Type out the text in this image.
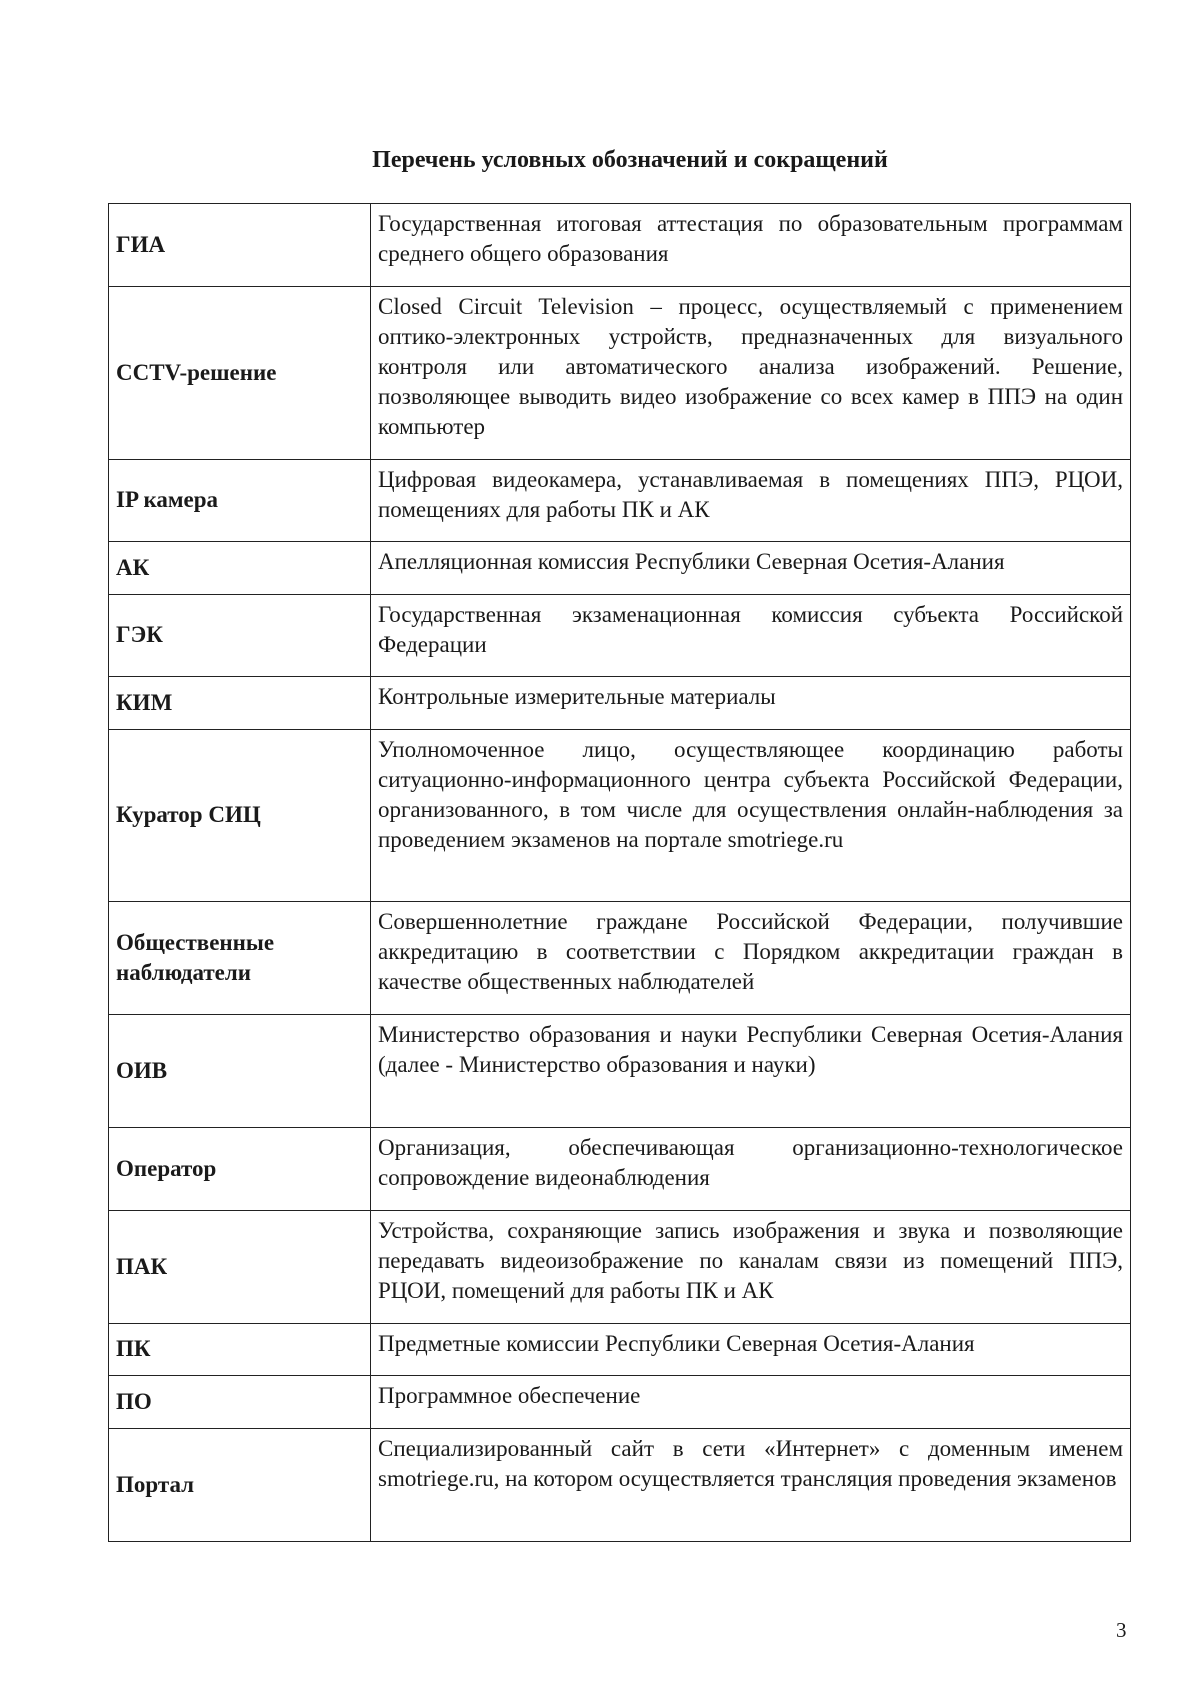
Перечень условных обозначений и сокращений
ГИА	Государственная итоговая аттестация по образовательным программам среднего общего образования
CCTV-решение	Closed Circuit Television – процесс, осуществляемый с применением оптико-электронных устройств, предназначенных для визуального контроля или автоматического анализа изображений. Решение, позволяющее выводить видео изображение со всех камер в ППЭ на один компьютер
IP камера	Цифровая видеокамера, устанавливаемая в помещениях ППЭ, РЦОИ, помещениях для работы ПК и АК
АК	Апелляционная комиссия Республики Северная Осетия-Алания
ГЭК	Государственная экзаменационная комиссия субъекта Российской Федерации
КИМ	Контрольные измерительные материалы
Куратор СИЦ	Уполномоченное лицо, осуществляющее координацию работы ситуационно-информационного центра субъекта Российской Федерации, организованного, в том числе для осуществления онлайн-наблюдения за проведением экзаменов на портале smotriege.ru
Общественные наблюдатели	Совершеннолетние граждане Российской Федерации, получившие аккредитацию в соответствии с Порядком аккредитации граждан в качестве общественных наблюдателей
ОИВ	Министерство образования и науки Республики Северная Осетия-Алания (далее - Министерство образования и науки)
Оператор	Организация, обеспечивающая организационно-технологическое сопровождение видеонаблюдения
ПАК	Устройства, сохраняющие запись изображения и звука и позволяющие передавать видеоизображение по каналам связи из помещений ППЭ, РЦОИ, помещений для работы ПК и АК
ПК	Предметные комиссии Республики Северная Осетия-Алания
ПО	Программное обеспечение
Портал	Специализированный сайт в сети «Интернет» с доменным именем smotriege.ru, на котором осуществляется трансляция проведения экзаменов
3
